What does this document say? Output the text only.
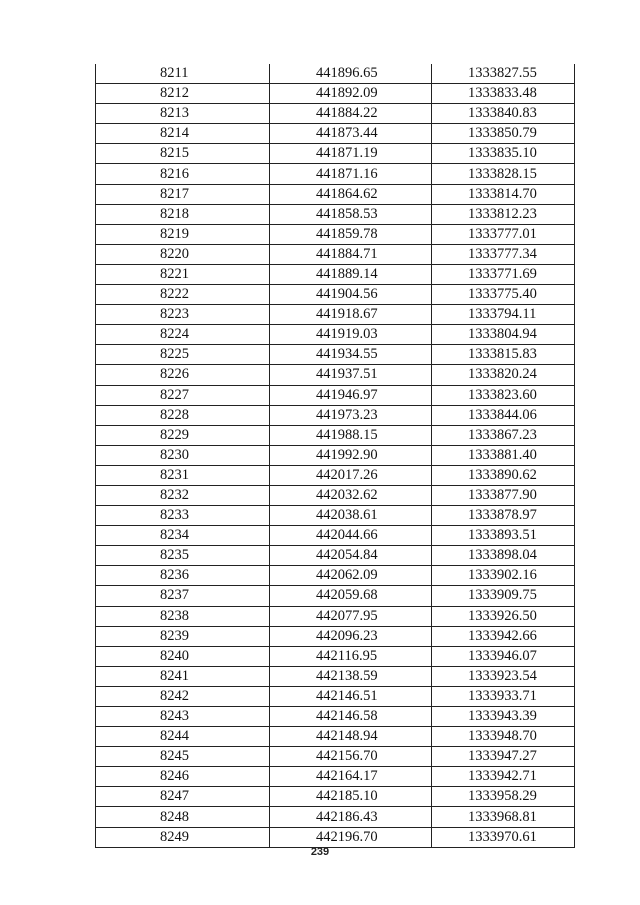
8211	441896.65	1333827.55
8212	441892.09	1333833.48
8213	441884.22	1333840.83
8214	441873.44	1333850.79
8215	441871.19	1333835.10
8216	441871.16	1333828.15
8217	441864.62	1333814.70
8218	441858.53	1333812.23
8219	441859.78	1333777.01
8220	441884.71	1333777.34
8221	441889.14	1333771.69
8222	441904.56	1333775.40
8223	441918.67	1333794.11
8224	441919.03	1333804.94
8225	441934.55	1333815.83
8226	441937.51	1333820.24
8227	441946.97	1333823.60
8228	441973.23	1333844.06
8229	441988.15	1333867.23
8230	441992.90	1333881.40
8231	442017.26	1333890.62
8232	442032.62	1333877.90
8233	442038.61	1333878.97
8234	442044.66	1333893.51
8235	442054.84	1333898.04
8236	442062.09	1333902.16
8237	442059.68	1333909.75
8238	442077.95	1333926.50
8239	442096.23	1333942.66
8240	442116.95	1333946.07
8241	442138.59	1333923.54
8242	442146.51	1333933.71
8243	442146.58	1333943.39
8244	442148.94	1333948.70
8245	442156.70	1333947.27
8246	442164.17	1333942.71
8247	442185.10	1333958.29
8248	442186.43	1333968.81
8249	442196.70	1333970.61
239
